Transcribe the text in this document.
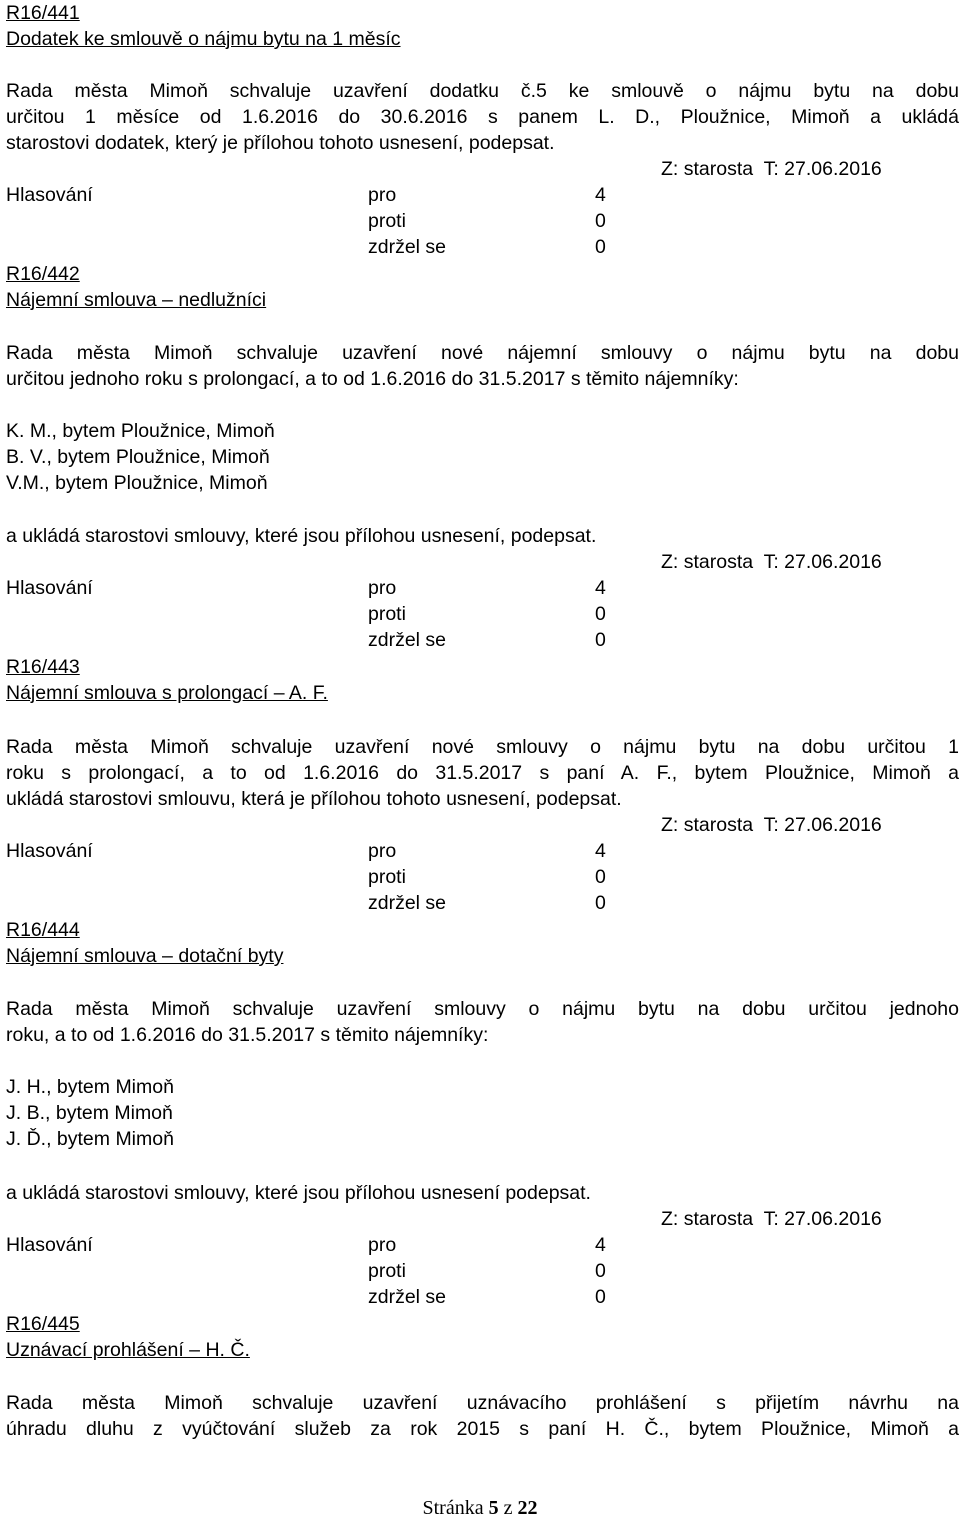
R16/441
Dodatek ke smlouvě o nájmu bytu na 1 měsíc
Rada města Mimoň schvaluje uzavření dodatku č.5 ke smlouvě o nájmu bytu na dobu
určitou 1 měsíce od 1.6.2016 do 30.6.2016 s panem L. D., Ploužnice, Mimoň a ukládá
starostovi dodatek, který je přílohou tohoto usnesení, podepsat.
Z: starosta  T: 27.06.2016
Hlasování	pro	4
proti	0
zdržel se	0
R16/442
Nájemní smlouva – nedlužníci
Rada města Mimoň schvaluje uzavření nové nájemní smlouvy o nájmu bytu na dobu
určitou jednoho roku s prolongací, a to od 1.6.2016 do 31.5.2017 s těmito nájemníky:
K. M., bytem Ploužnice, Mimoň
B. V., bytem Ploužnice, Mimoň
V.M., bytem Ploužnice, Mimoň
a ukládá starostovi smlouvy, které jsou přílohou usnesení, podepsat.
Z: starosta  T: 27.06.2016
Hlasování	pro	4
proti	0
zdržel se	0
R16/443
Nájemní smlouva s prolongací – A. F.
Rada města Mimoň schvaluje uzavření nové smlouvy o nájmu bytu na dobu určitou 1
roku s prolongací, a to od 1.6.2016 do 31.5.2017 s paní A. F., bytem Ploužnice, Mimoň a
ukládá starostovi smlouvu, která je přílohou tohoto usnesení, podepsat.
Z: starosta  T: 27.06.2016
Hlasování	pro	4
proti	0
zdržel se	0
R16/444
Nájemní smlouva – dotační byty
Rada města Mimoň schvaluje uzavření smlouvy o nájmu bytu na dobu určitou jednoho
roku, a to od 1.6.2016 do 31.5.2017 s těmito nájemníky:
J. H., bytem Mimoň
J. B., bytem Mimoň
J. Ď., bytem Mimoň
a ukládá starostovi smlouvy, které jsou přílohou usnesení podepsat.
Z: starosta  T: 27.06.2016
Hlasování	pro	4
proti	0
zdržel se	0
R16/445
Uznávací prohlášení – H. Č.
Rada města Mimoň schvaluje uzavření uznávacího prohlášení s přijetím návrhu na
úhradu dluhu z vyúčtování služeb za rok 2015 s paní H. Č., bytem Ploužnice, Mimoň a
Stránka 5 z 22
